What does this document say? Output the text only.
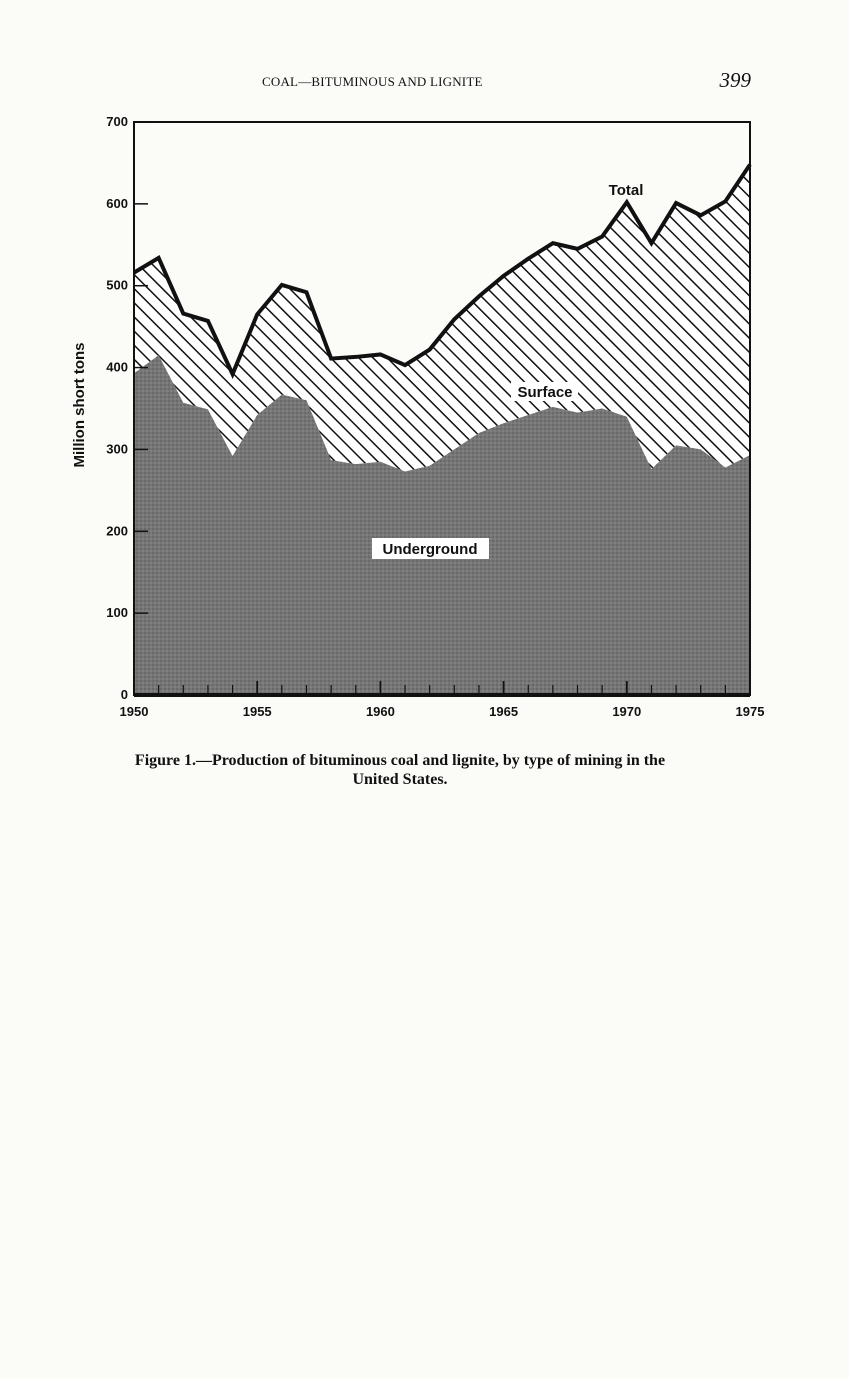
COAL—BITUMINOUS AND LIGNITE	399
0
100
200
300
400
500
600
700
1950	1955	1960	1965	1970	1975
Million short tons
Total
Surface
Underground
Figure 1.—Production of bituminous coal and lignite, by type of mining in the
United States.
